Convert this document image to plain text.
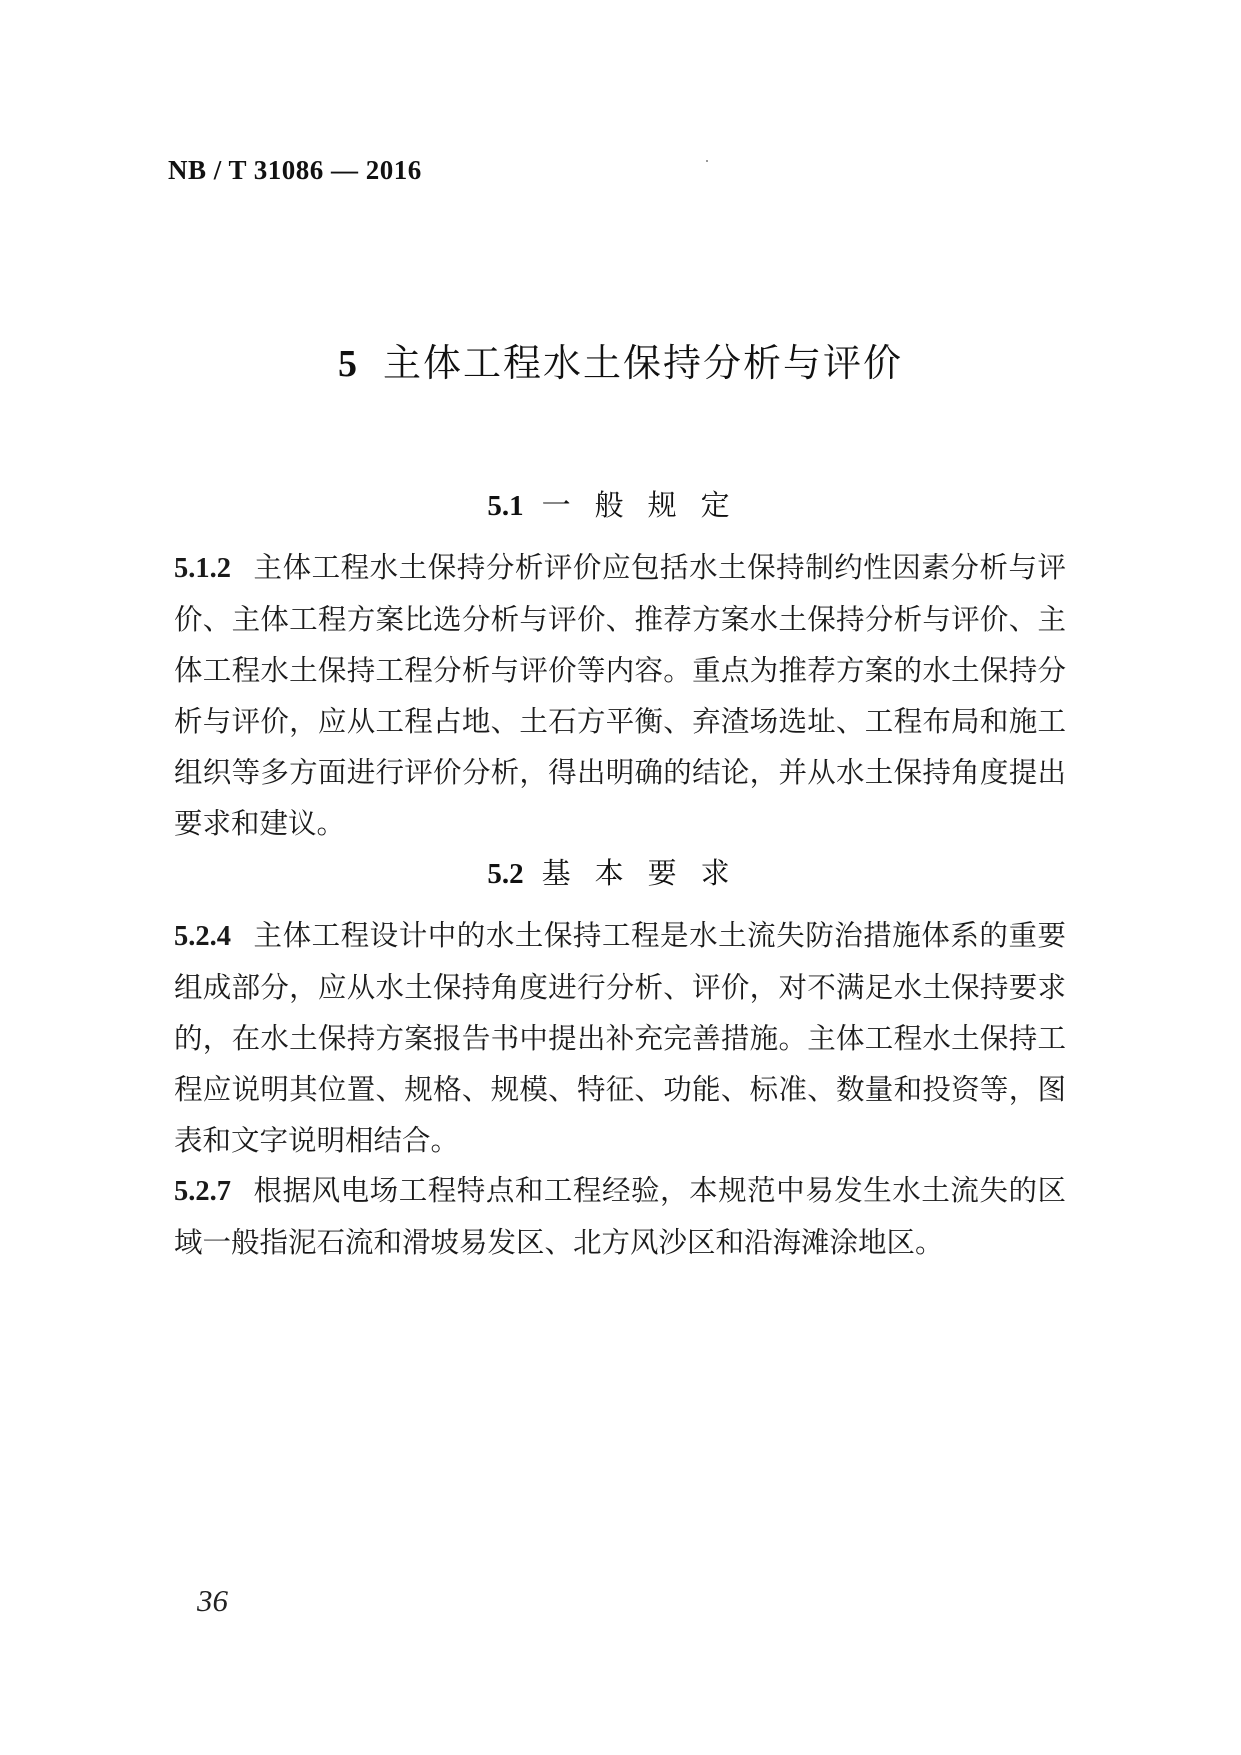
NB / T 31086 — 2016
5 主体工程水土保持分析与评价
5.1 一般规定
5.1.2 主体工程水土保持分析评价应包括水土保持制约性因素分析与评价、主体工程方案比选分析与评价、推荐方案水土保持分析与评价、主体工程水土保持工程分析与评价等内容。重点为推荐方案的水土保持分析与评价，应从工程占地、土石方平衡、弃渣场选址、工程布局和施工组织等多方面进行评价分析，得出明确的结论，并从水土保持角度提出要求和建议。
5.2 基本要求
5.2.4 主体工程设计中的水土保持工程是水土流失防治措施体系的重要组成部分，应从水土保持角度进行分析、评价，对不满足水土保持要求的，在水土保持方案报告书中提出补充完善措施。主体工程水土保持工程应说明其位置、规格、规模、特征、功能、标准、数量和投资等，图表和文字说明相结合。
5.2.7 根据风电场工程特点和工程经验，本规范中易发生水土流失的区域一般指泥石流和滑坡易发区、北方风沙区和沿海滩涂地区。
36
